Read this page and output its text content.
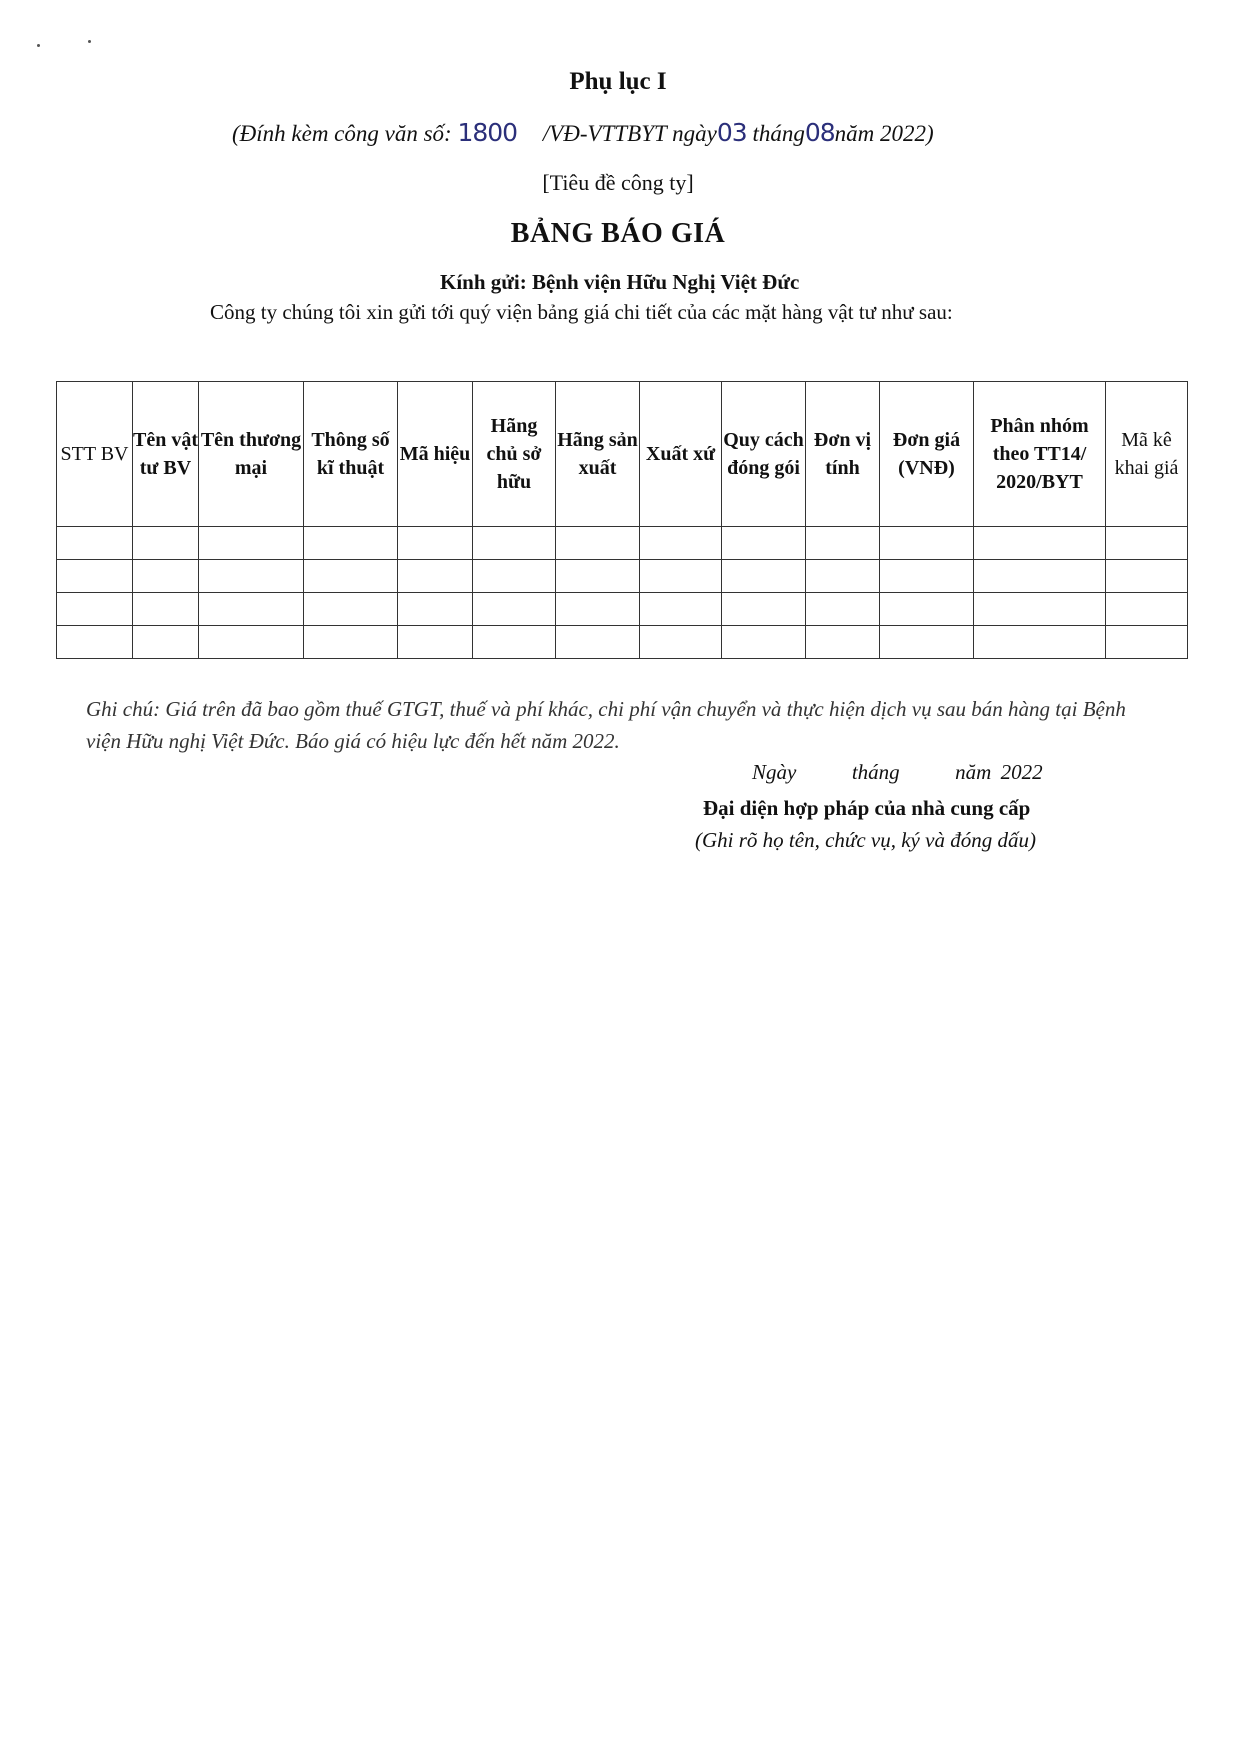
Phụ lục I
(Đính kèm công văn số: 1800 /VĐ-VTTBYT ngày03 tháng08năm 2022)
[Tiêu đề công ty]
BẢNG BÁO GIÁ
Kính gửi: Bệnh viện Hữu Nghị Việt Đức
Công ty chúng tôi xin gửi tới quý viện bảng giá chi tiết của các mặt hàng vật tư như sau:
STT BV	Tên vật tư BV	Tên thương mại	Thông số kĩ thuật	Mã hiệu	Hãng chủ sở hữu	Hãng sản xuất	Xuất xứ	Quy cách đóng gói	Đơn vị tính	Đơn giá (VNĐ)	Phân nhóm theo TT14/ 2020/BYT	Mã kê khai giá

Ghi chú: Giá trên đã bao gồm thuế GTGT, thuế và phí khác, chi phí vận chuyển và thực hiện dịch vụ sau bán hàng tại Bệnh viện Hữu nghị Việt Đức. Báo giá có hiệu lực đến hết năm 2022.
Ngày      tháng      năm 2022
Đại diện hợp pháp của nhà cung cấp
(Ghi rõ họ tên, chức vụ, ký và đóng dấu)
